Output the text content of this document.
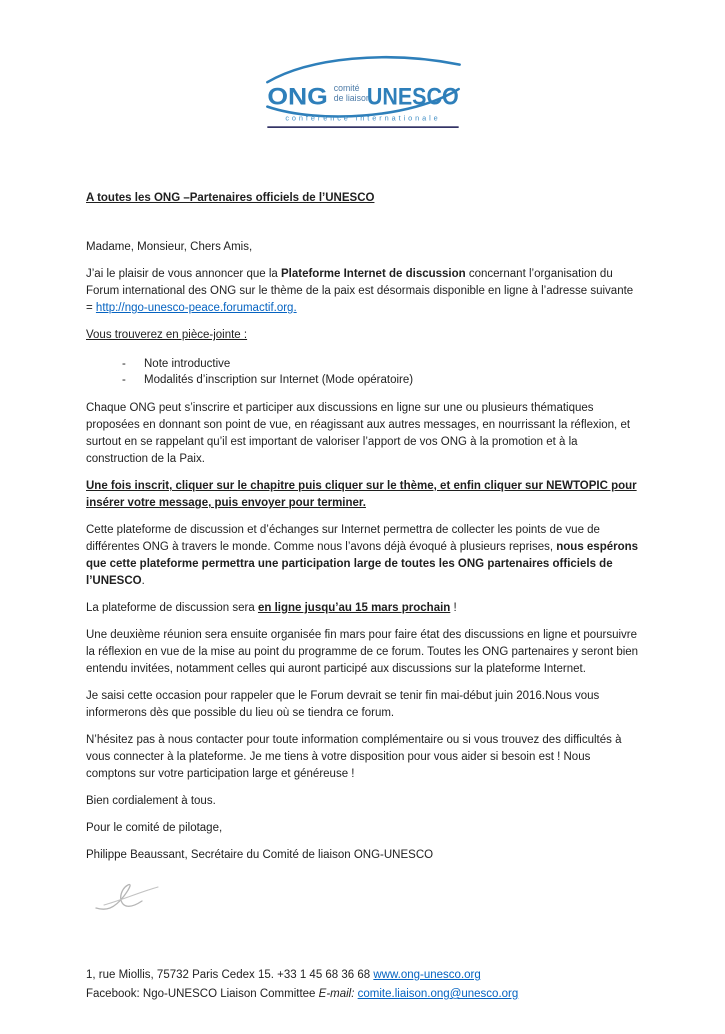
ONG comité
de liaison
UNESCO
conférence internationale

A toutes les ONG –Partenaires officiels de l’UNESCO

Madame, Monsieur, Chers Amis,

J’ai le plaisir de vous annoncer que la Plateforme Internet de discussion concernant l’organisation du Forum international des ONG sur le thème de la paix est désormais disponible en ligne à l’adresse suivante = http://ngo-unesco-peace.forumactif.org.

Vous trouverez en pièce-jointe :

-	Note introductive
-	Modalités d’inscription sur Internet (Mode opératoire)

Chaque ONG peut s’inscrire et participer aux discussions en ligne sur une ou plusieurs thématiques proposées en donnant son point de vue, en réagissant aux autres messages, en nourrissant la réflexion, et surtout en se rappelant qu’il est important de valoriser l’apport de vos ONG à la promotion et à la construction de la Paix.

Une fois inscrit, cliquer sur le chapitre puis cliquer sur le thème, et enfin cliquer sur NEWTOPIC pour insérer votre message, puis envoyer pour terminer.

Cette plateforme de discussion et d’échanges sur Internet permettra de collecter les points de vue de différentes ONG à travers le monde. Comme nous l’avons déjà évoqué à plusieurs reprises, nous espérons que cette plateforme permettra une participation large de toutes les ONG partenaires officiels de l’UNESCO.

La plateforme de discussion sera en ligne jusqu’au 15 mars prochain !

Une deuxième réunion sera ensuite organisée fin mars pour faire état des discussions en ligne et poursuivre la réflexion en vue de la mise au point du programme de ce forum. Toutes les ONG partenaires y seront bien entendu invitées, notamment celles qui auront participé aux discussions sur la plateforme Internet.

Je saisi cette occasion pour rappeler que le Forum devrait se tenir fin mai-début juin 2016.Nous vous informerons dès que possible du lieu où se tiendra ce forum.

N’hésitez pas à nous contacter pour toute information complémentaire ou si vous trouvez des difficultés à vous connecter à la plateforme. Je me tiens à votre disposition pour vous aider si besoin est ! Nous comptons sur votre participation large et généreuse !

Bien cordialement à tous.

Pour le comité de pilotage,

Philippe Beaussant, Secrétaire du Comité de liaison ONG-UNESCO

1, rue Miollis, 75732 Paris Cedex 15. +33 1 45 68 36 68 www.ong-unesco.org

Facebook: Ngo-UNESCO Liaison Committee E-mail: comite.liaison.ong@unesco.org
